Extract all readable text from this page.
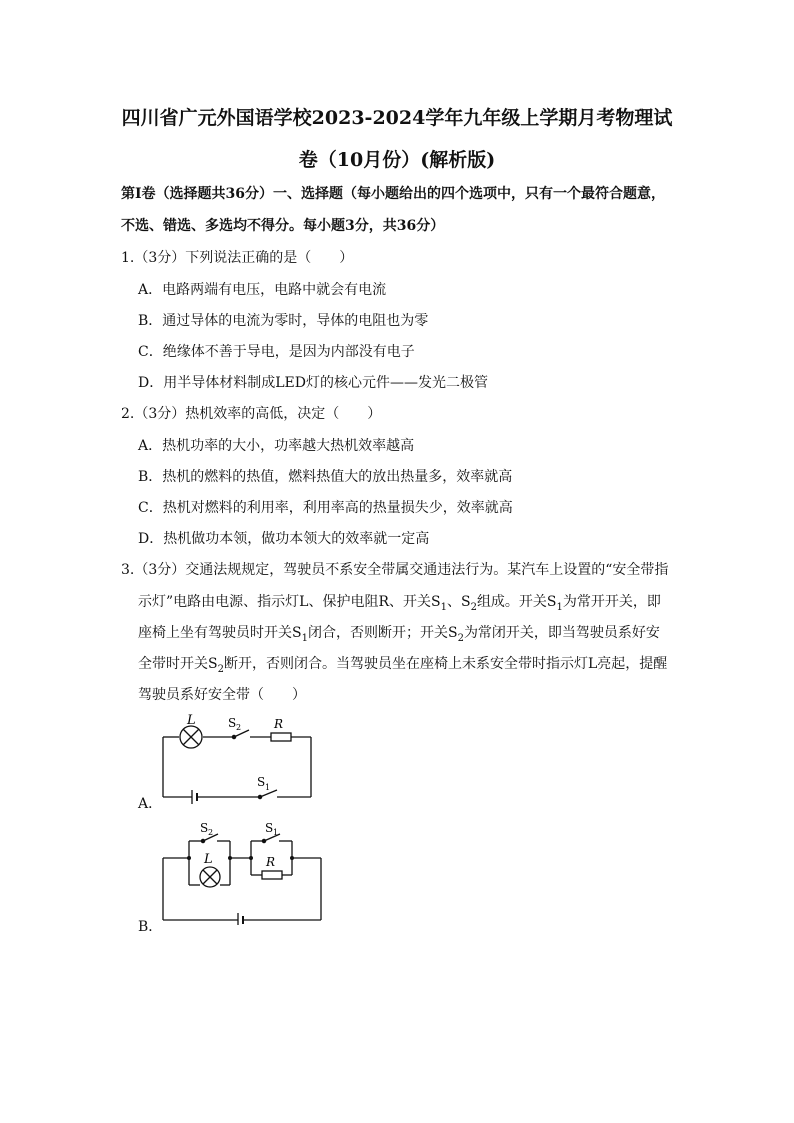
四川省广元外国语学校2023-2024学年九年级上学期月考物理试
卷（10月份）(解析版)
第Ⅰ卷（选择题共36分）一、选择题（每小题给出的四个选项中，只有一个最符合题意，
不选、错选、多选均不得分。每小题3分，共36分）
1.（3分）下列说法正确的是（　　）
A．电路两端有电压，电路中就会有电流
B．通过导体的电流为零时，导体的电阻也为零
C．绝缘体不善于导电，是因为内部没有电子
D．用半导体材料制成LED灯的核心元件——发光二极管
2.（3分）热机效率的高低，决定（　　）
A．热机功率的大小，功率越大热机效率越高
B．热机的燃料的热值，燃料热值大的放出热量多，效率就高
C．热机对燃料的利用率，利用率高的热量损失少，效率就高
D．热机做功本领，做功本领大的效率就一定高
3.（3分）交通法规规定，驾驶员不系安全带属交通违法行为。某汽车上设置的“安全带指
示灯”电路由电源、指示灯L、保护电阻R、开关$S_1$、$S_2$组成。开关$S_1$为常开开关，即
座椅上坐有驾驶员时开关$S_1$闭合，否则断开；开关$S_2$为常闭开关，即当驾驶员系好安
全带时开关$S_2$断开，否则闭合。当驾驶员坐在座椅上未系安全带时指示灯L亮起，提醒
驾驶员系好安全带（　　）
A．
B．
L	S 2	R
S 1
S 2
L
S 1
R
